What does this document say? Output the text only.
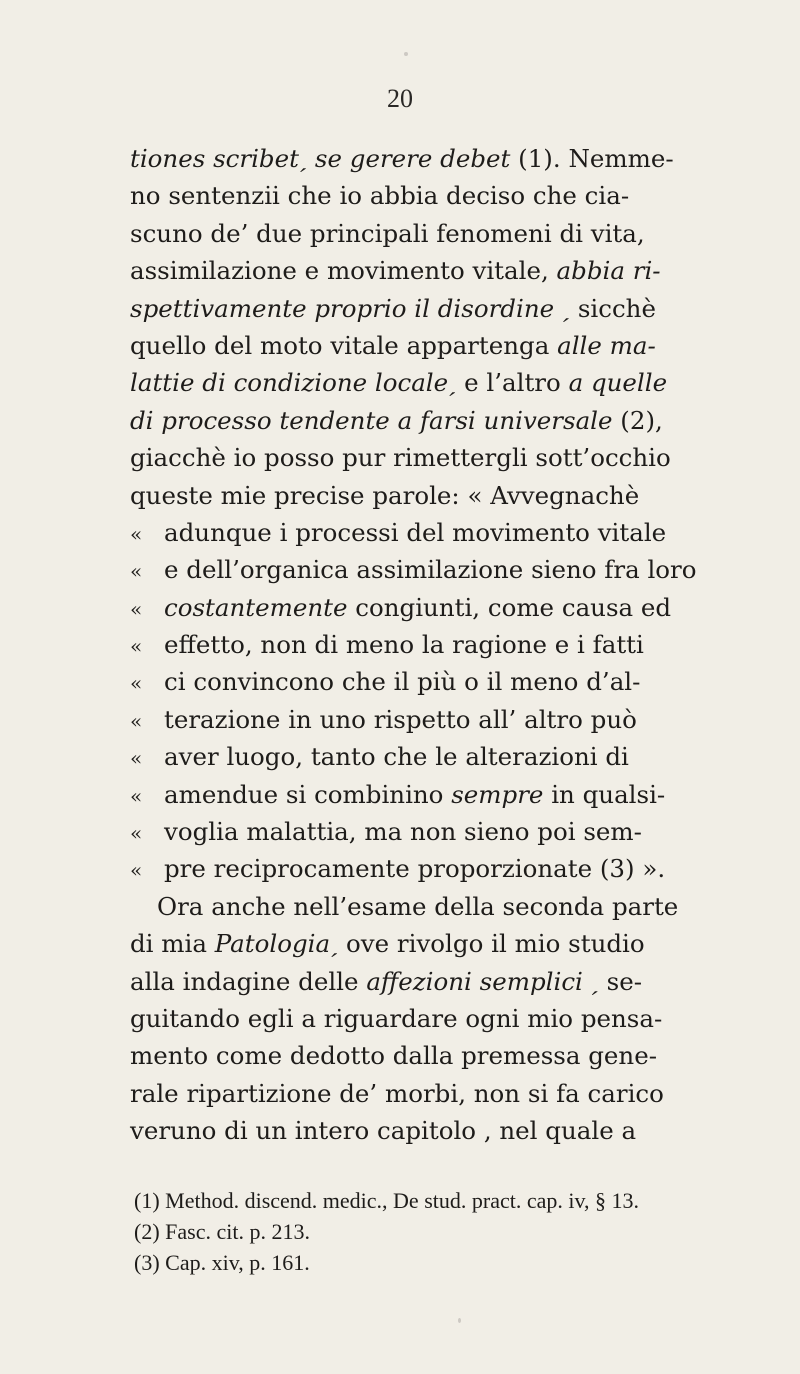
20
tiones scribetˏ se gerere debet (1). Nemme-
no sentenzii che io abbia deciso che cia-
scuno de’ due principali fenomeni di vita,
assimilazione e movimento vitale, abbia ri-
spettivamente proprio il disordine ˏ sicchè
quello del moto vitale appartenga alle ma-
lattie di condizione localeˏ e l’altro a quelle
di processo tendente a farsi universale (2),
giacchè io posso pur rimettergli sott’occhio
queste mie precise parole: « Avvegnachè
« adunque i processi del movimento vitale
« e dell’organica assimilazione sieno fra loro
« costantemente congiunti, come causa ed
« effetto, non di meno la ragione e i fatti
« ci convincono che il più o il meno d’al-
« terazione in uno rispetto all’ altro può
« aver luogo, tanto che le alterazioni di
« amendue si combinino sempre in qualsi-
« voglia malattia, ma non sieno poi sem-
« pre reciprocamente proporzionate (3) ».
Ora anche nell’esame della seconda parte
di mia Patologiaˏ ove rivolgo il mio studio
alla indagine delle affezioni semplici ˏ se-
guitando egli a riguardare ogni mio pensa-
mento come dedotto dalla premessa gene-
rale ripartizione de’ morbi, non si fa carico
veruno di un intero capitolo , nel quale a
(1) Method. discend. medic., De stud. pract. cap. iv, § 13.
(2) Fasc. cit. p. 213.
(3) Cap. xiv, p. 161.
